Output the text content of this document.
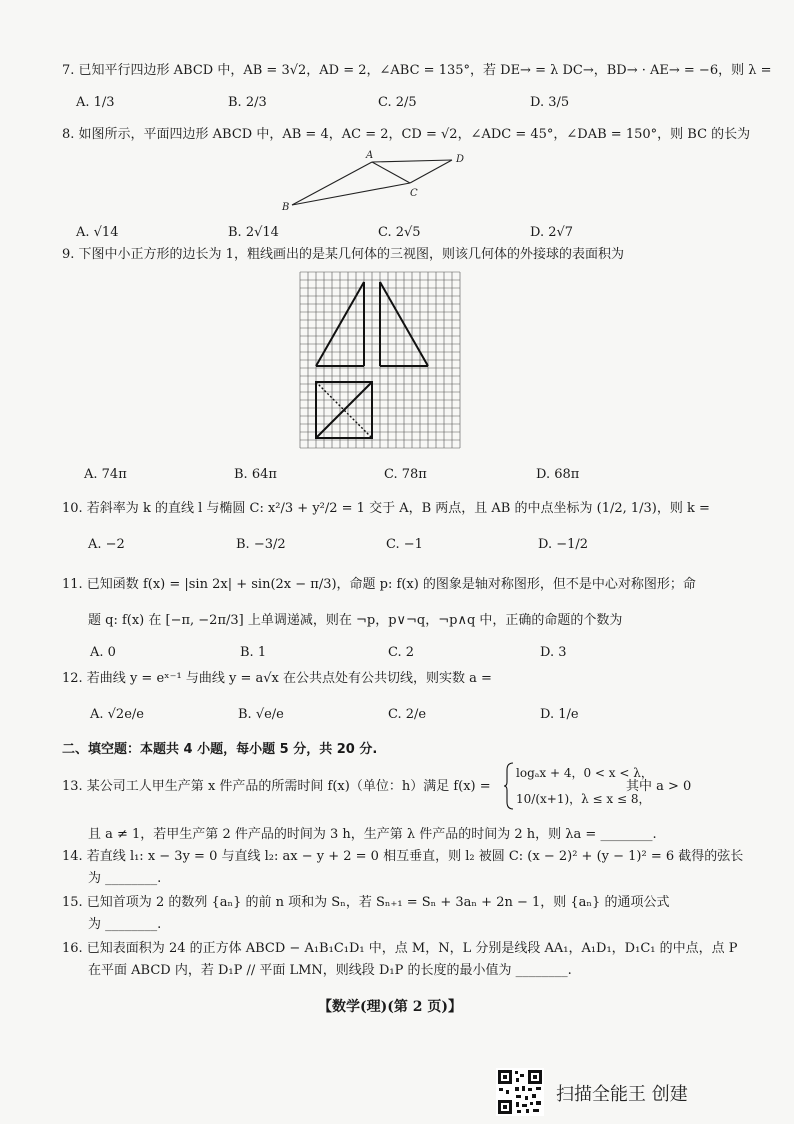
7. 已知平行四边形 ABCD 中，AB = 3√2，AD = 2，∠ABC = 135°，若 DE→ = λ DC→，BD→ · AE→ = −6，则 λ =
A. 1/3	B. 2/3	C. 2/5	D. 3/5
8. 如图所示，平面四边形 ABCD 中，AB = 4，AC = 2，CD = √2，∠ADC = 45°，∠DAB = 150°，则 BC 的长为
A	D
C
B
A. √14	B. 2√14	C. 2√5	D. 2√7
9. 下图中小正方形的边长为 1，粗线画出的是某几何体的三视图，则该几何体的外接球的表面积为
A. 74π	B. 64π	C. 78π	D. 68π
10. 若斜率为 k 的直线 l 与椭圆 C: x²/3 + y²/2 = 1 交于 A，B 两点，且 AB 的中点坐标为 (1/2, 1/3)，则 k =
A. −2	B. −3/2	C. −1	D. −1/2
11. 已知函数 f(x) = |sin 2x| + sin(2x − π/3)，命题 p: f(x) 的图象是轴对称图形，但不是中心对称图形；命
题 q: f(x) 在 [−π, −2π/3] 上单调递减，则在 ¬p，p∨¬q，¬p∧q 中，正确的命题的个数为
A. 0	B. 1	C. 2	D. 3
12. 若曲线 y = eˣ⁻¹ 与曲线 y = a√x 在公共点处有公共切线，则实数 a =
A. √2e/e	B. √e/e	C. 2/e	D. 1/e
二、填空题：本题共 4 小题，每小题 5 分，共 20 分.
13. 某公司工人甲生产第 x 件产品的所需时间 f(x)（单位：h）满足 f(x) =
logₐx + 4，0 < x < λ，
10/(x+1)，λ ≤ x ≤ 8，
其中 a > 0
且 a ≠ 1，若甲生产第 2 件产品的时间为 3 h，生产第 λ 件产品的时间为 2 h，则 λa = ________.
14. 若直线 l₁: x − 3y = 0 与直线 l₂: ax − y + 2 = 0 相互垂直，则 l₂ 被圆 C: (x − 2)² + (y − 1)² = 6 截得的弦长
为 ________.
15. 已知首项为 2 的数列 {aₙ} 的前 n 项和为 Sₙ，若 Sₙ₊₁ = Sₙ + 3aₙ + 2n − 1，则 {aₙ} 的通项公式
为 ________.
16. 已知表面积为 24 的正方体 ABCD − A₁B₁C₁D₁ 中，点 M，N，L 分别是线段 AA₁，A₁D₁，D₁C₁ 的中点，点 P
在平面 ABCD 内，若 D₁P // 平面 LMN，则线段 D₁P 的长度的最小值为 ________.
【数学(理)(第 2 页)】
扫描全能王 创建
